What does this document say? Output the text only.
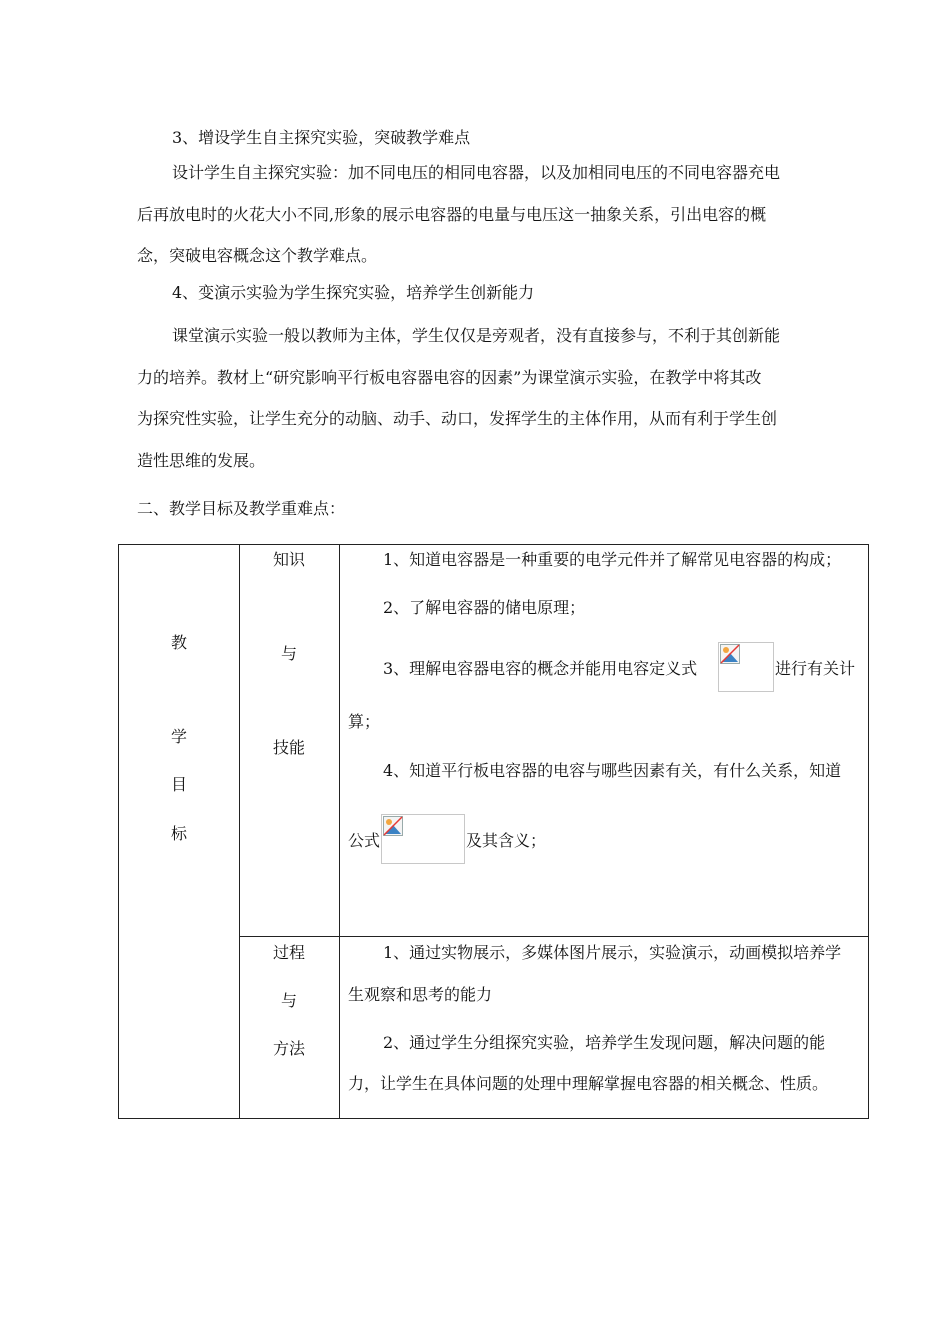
3、增设学生自主探究实验，突破教学难点
设计学生自主探究实验：加不同电压的相同电容器，以及加相同电压的不同电容器充电
后再放电时的火花大小不同,形象的展示电容器的电量与电压这一抽象关系，引出电容的概
念，突破电容概念这个教学难点。
4、变演示实验为学生探究实验，培养学生创新能力
课堂演示实验一般以教师为主体，学生仅仅是旁观者，没有直接参与，不利于其创新能
力的培养。教材上“研究影响平行板电容器电容的因素”为课堂演示实验，在教学中将其改
为探究性实验，让学生充分的动脑、动手、动口，发挥学生的主体作用，从而有利于学生创
造性思维的发展。
二、教学目标及教学重难点：
教
学
目
标
知识
与
技能
1、知道电容器是一种重要的电学元件并了解常见电容器的构成；
2、了解电容器的储电原理；
3、理解电容器电容的概念并能用电容定义式	进行有关计
算；
4、知道平行板电容器的电容与哪些因素有关，有什么关系，知道
公式	及其含义；
过程
与
方法
1、通过实物展示，多媒体图片展示，实验演示，动画模拟培养学
生观察和思考的能力
2、通过学生分组探究实验，培养学生发现问题，解决问题的能
力，让学生在具体问题的处理中理解掌握电容器的相关概念、性质。
